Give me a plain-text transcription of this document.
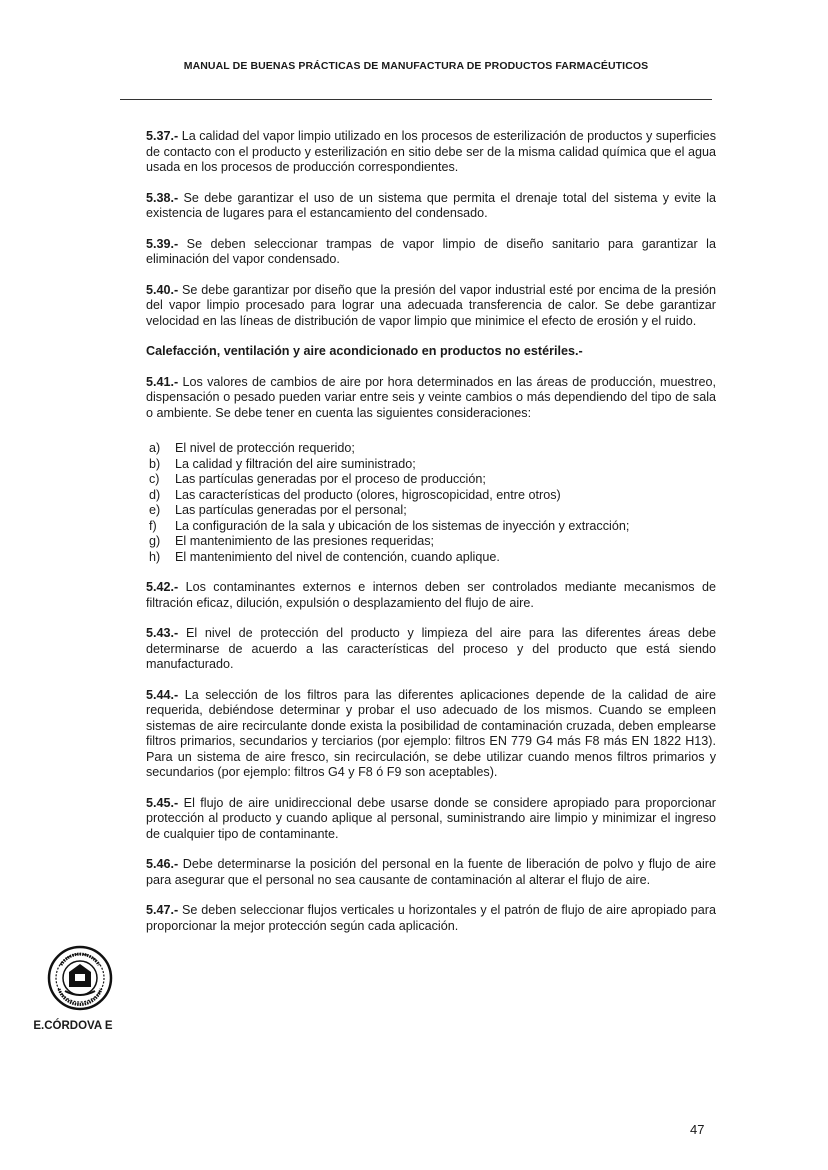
MANUAL DE BUENAS PRÁCTICAS DE MANUFACTURA DE PRODUCTOS FARMACÉUTICOS

5.37.- La calidad del vapor limpio utilizado en los procesos de esterilización de productos y superficies de contacto con el producto y esterilización en sitio debe ser de la misma calidad química que el agua usada en los procesos de producción correspondientes.

5.38.- Se debe garantizar el uso de un sistema que permita el drenaje total del sistema y evite la existencia de lugares para el estancamiento del condensado.

5.39.- Se deben seleccionar trampas de vapor limpio de diseño sanitario para garantizar la eliminación del vapor condensado.

5.40.- Se debe garantizar por diseño que la presión del vapor industrial esté por encima de la presión del vapor limpio procesado para lograr una adecuada transferencia de calor. Se debe garantizar velocidad en las líneas de distribución de vapor limpio que minimice el efecto de erosión y el ruido.

Calefacción, ventilación y aire acondicionado en productos no estériles.-

5.41.- Los valores de cambios de aire por hora determinados en las áreas de producción, muestreo, dispensación o pesado pueden variar entre seis y veinte cambios o más dependiendo del tipo de sala o ambiente. Se debe tener en cuenta las siguientes consideraciones:

a)	El nivel de protección requerido;
b)	La calidad y filtración del aire suministrado;
c)	Las partículas generadas por el proceso de producción;
d)	Las características del producto (olores, higroscopicidad, entre otros)
e)	Las partículas generadas por el personal;
f)	La configuración de la sala y ubicación de los sistemas de inyección y extracción;
g)	El mantenimiento de las presiones requeridas;
h)	El mantenimiento del nivel de contención, cuando aplique.

5.42.- Los contaminantes externos e internos deben ser controlados mediante mecanismos de filtración eficaz, dilución, expulsión o desplazamiento del flujo de aire.

5.43.- El nivel de protección del producto y limpieza del aire para las diferentes áreas debe determinarse de acuerdo a las características del proceso y del producto que está siendo manufacturado.

5.44.- La selección de los filtros para las diferentes aplicaciones depende de la calidad de aire requerida, debiéndose determinar y probar el uso adecuado de los mismos. Cuando se empleen sistemas de aire recirculante donde exista la posibilidad de contaminación cruzada, deben emplearse filtros primarios, secundarios y terciarios (por ejemplo: filtros EN 779 G4 más F8 más EN 1822 H13). Para un sistema de aire fresco, sin recirculación, se debe utilizar cuando menos filtros primarios y secundarios (por ejemplo: filtros G4 y F8 ó F9 son aceptables).

5.45.- El flujo de aire unidireccional debe usarse donde se considere apropiado para proporcionar protección al producto y cuando aplique al personal, suministrando aire limpio y minimizar el ingreso de cualquier tipo de contaminante.

5.46.- Debe determinarse la posición del personal en la fuente de liberación de polvo y flujo de aire para asegurar que el personal no sea causante de contaminación al alterar el flujo de aire.

5.47.- Se deben seleccionar flujos verticales u horizontales y el patrón de flujo de aire apropiado para proporcionar la mejor protección según cada aplicación.

E.CÓRDOVA E
47
